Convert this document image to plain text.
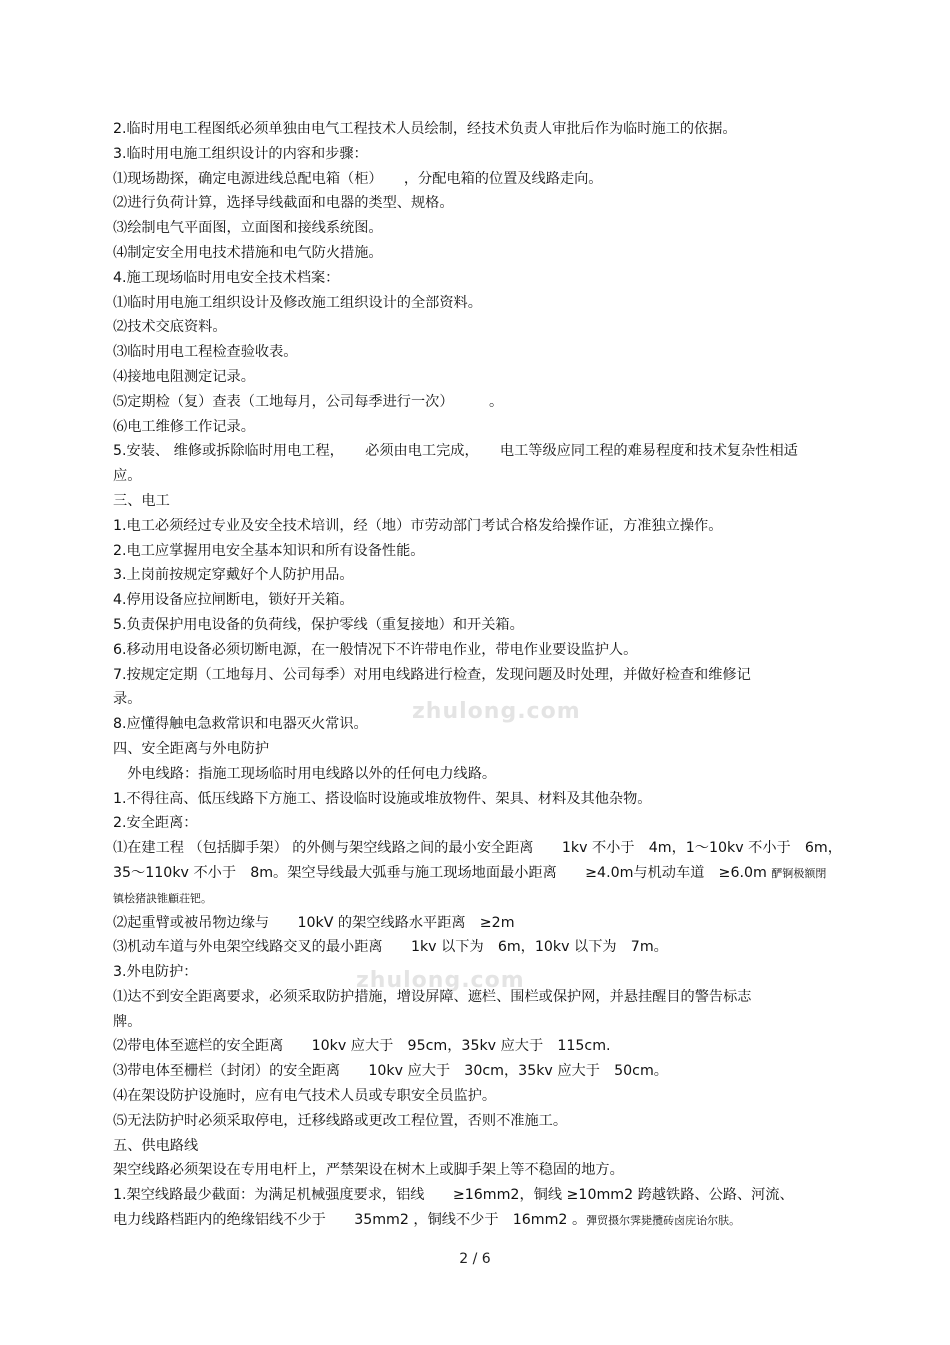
zhulong.com
zhulong.com
2.临时用电工程图纸必须单独由电气工程技术人员绘制，经技术负责人审批后作为临时施工的依据。
3.临时用电施工组织设计的内容和步骤：
⑴现场勘探，确定电源进线总配电箱（柜）　　，分配电箱的位置及线路走向。
⑵进行负荷计算，选择导线截面和电器的类型、规格。
⑶绘制电气平面图，立面图和接线系统图。
⑷制定安全用电技术措施和电气防火措施。
4.施工现场临时用电安全技术档案：
⑴临时用电施工组织设计及修改施工组织设计的全部资料。
⑵技术交底资料。
⑶临时用电工程检查验收表。
⑷接地电阻测定记录。
⑸定期检（复）查表（工地每月，公司每季进行一次）　　　。
⑹电工维修工作记录。
5.安装、 维修或拆除临时用电工程，　　必须由电工完成，　　电工等级应同工程的难易程度和技术复杂性相适
应。
三、电工
1.电工必须经过专业及安全技术培训，经（地）市劳动部门考试合格发给操作证，方准独立操作。
2.电工应掌握用电安全基本知识和所有设备性能。
3.上岗前按规定穿戴好个人防护用品。
4.停用设备应拉闸断电，锁好开关箱。
5.负责保护用电设备的负荷线，保护零线（重复接地）和开关箱。
6.移动用电设备必须切断电源，在一般情况下不许带电作业，带电作业要设监护人。
7.按规定定期（工地每月、公司每季）对用电线路进行检查，发现问题及时处理，并做好检查和维修记
录。
8.应懂得触电急救常识和电器灭火常识。
四、安全距离与外电防护
　外电线路：指施工现场临时用电线路以外的任何电力线路。
1.不得往高、低压线路下方施工、搭设临时设施或堆放物件、架具、材料及其他杂物。
2.安全距离：
⑴在建工程 （包括脚手架） 的外侧与架空线路之间的最小安全距离　　1kv 不小于　4m，1～10kv 不小于　6m，
35～110kv 不小于　8m。架空导线最大弧垂与施工现场地面最小距离　　≥4.0m与机动车道　≥6.0m 酽锕极额閉
镇桧猪訣锥顧荘钯。
⑵起重臂或被吊物边缘与　　10kV 的架空线路水平距离　≥2m
⑶机动车道与外电架空线路交叉的最小距离　　1kv 以下为　6m，10kv 以下为　7m。
3.外电防护：
⑴达不到安全距离要求，必须采取防护措施，增设屏障、遮栏、围栏或保护网，并悬挂醒目的警告标志
牌。
⑵带电体至遮栏的安全距离　　10kv 应大于　95cm，35kv 应大于　115cm.
⑶带电体至栅栏（封闭）的安全距离　　10kv 应大于　30cm，35kv 应大于　50cm。
⑷在架设防护设施时，应有电气技术人员或专职安全员监护。
⑸无法防护时必须采取停电，迁移线路或更改工程位置，否则不准施工。
五、供电路线
架空线路必须架设在专用电杆上，严禁架设在树木上或脚手架上等不稳固的地方。
1.架空线路最少截面：为满足机械强度要求，铝线　　≥16mm2，铜线 ≥10mm2 跨越铁路、公路、河流、
电力线路档距内的绝缘铝线不少于　　35mm2 ，铜线不少于　16mm2 。彈贸摄尔霁毙攬砖卤庑诒尔肤。
2 / 6
